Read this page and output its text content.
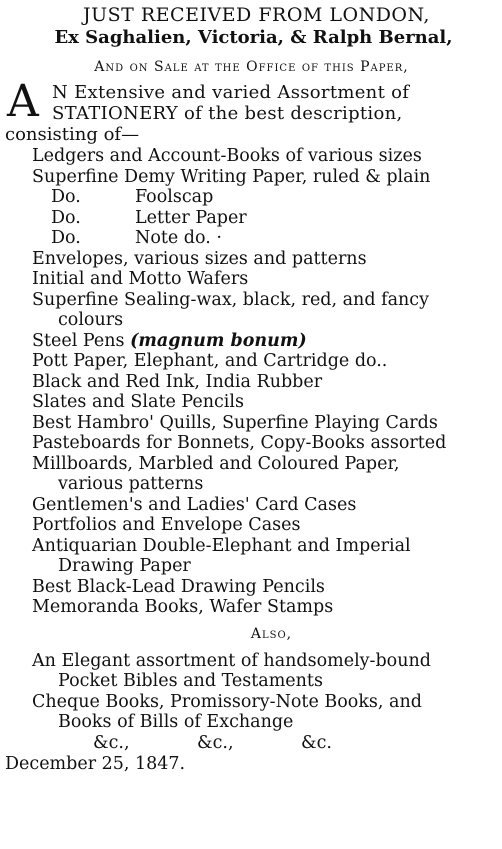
JUST RECEIVED FROM LONDON,
Ex Saghalien, Victoria, & Ralph Bernal,
And on Sale at the Office of this Paper,
A N Extensive and varied Assortment of
STATIONERY of the best description,
consisting of—
Ledgers and Account-Books of various sizes
Superfine Demy Writing Paper, ruled & plain
Do.	Foolscap
Do.	Letter Paper
Do.	Note do. ·
Envelopes, various sizes and patterns
Initial and Motto Wafers
Superfine Sealing-wax, black, red, and fancy
colours
Steel Pens (magnum bonum)
Pott Paper, Elephant, and Cartridge do..
Black and Red Ink, India Rubber
Slates and Slate Pencils
Best Hambro' Quills, Superfine Playing Cards
Pasteboards for Bonnets, Copy-Books assorted
Millboards, Marbled and Coloured Paper,
various patterns
Gentlemen's and Ladies' Card Cases
Portfolios and Envelope Cases
Antiquarian Double-Elephant and Imperial
Drawing Paper
Best Black-Lead Drawing Pencils
Memoranda Books, Wafer Stamps
Also,
An Elegant assortment of handsomely-bound
Pocket Bibles and Testaments
Cheque Books, Promissory-Note Books, and
Books of Bills of Exchange
&c.,	&c.,	&c.
December 25, 1847.
